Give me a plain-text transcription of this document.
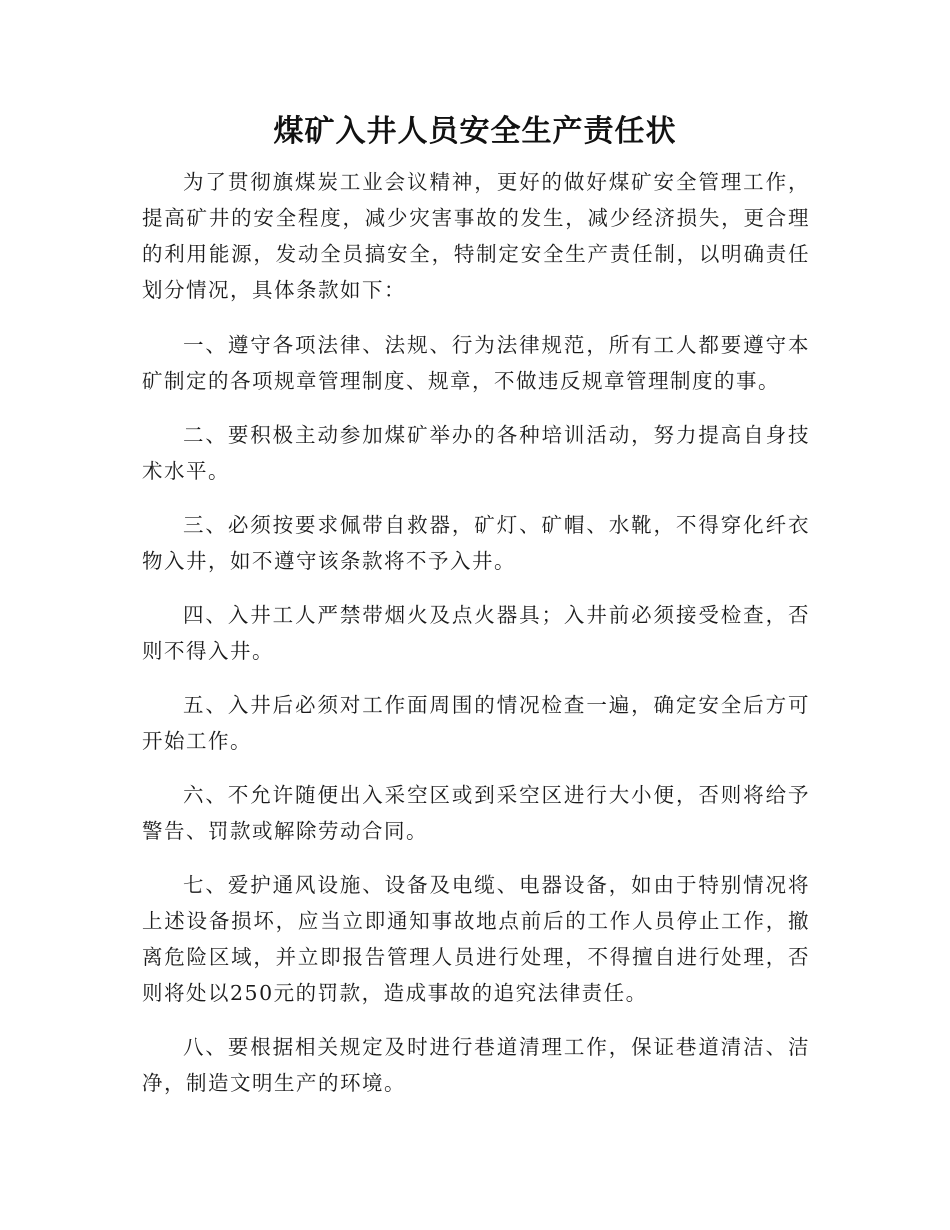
煤矿入井人员安全生产责任状

为了贯彻旗煤炭工业会议精神，更好的做好煤矿安全管理工作，提高矿井的安全程度，减少灾害事故的发生，减少经济损失，更合理的利用能源，发动全员搞安全，特制定安全生产责任制，以明确责任划分情况，具体条款如下：

一、遵守各项法律、法规、行为法律规范，所有工人都要遵守本矿制定的各项规章管理制度、规章，不做违反规章管理制度的事。

二、要积极主动参加煤矿举办的各种培训活动，努力提高自身技术水平。

三、必须按要求佩带自救器，矿灯、矿帽、水靴，不得穿化纤衣物入井，如不遵守该条款将不予入井。

四、入井工人严禁带烟火及点火器具；入井前必须接受检查，否则不得入井。

五、入井后必须对工作面周围的情况检查一遍，确定安全后方可开始工作。

六、不允许随便出入采空区或到采空区进行大小便，否则将给予警告、罚款或解除劳动合同。

七、爱护通风设施、设备及电缆、电器设备，如由于特别情况将上述设备损坏，应当立即通知事故地点前后的工作人员停止工作，撤离危险区域，并立即报告管理人员进行处理，不得擅自进行处理，否则将处以250元的罚款，造成事故的追究法律责任。

八、要根据相关规定及时进行巷道清理工作，保证巷道清洁、洁净，制造文明生产的环境。
